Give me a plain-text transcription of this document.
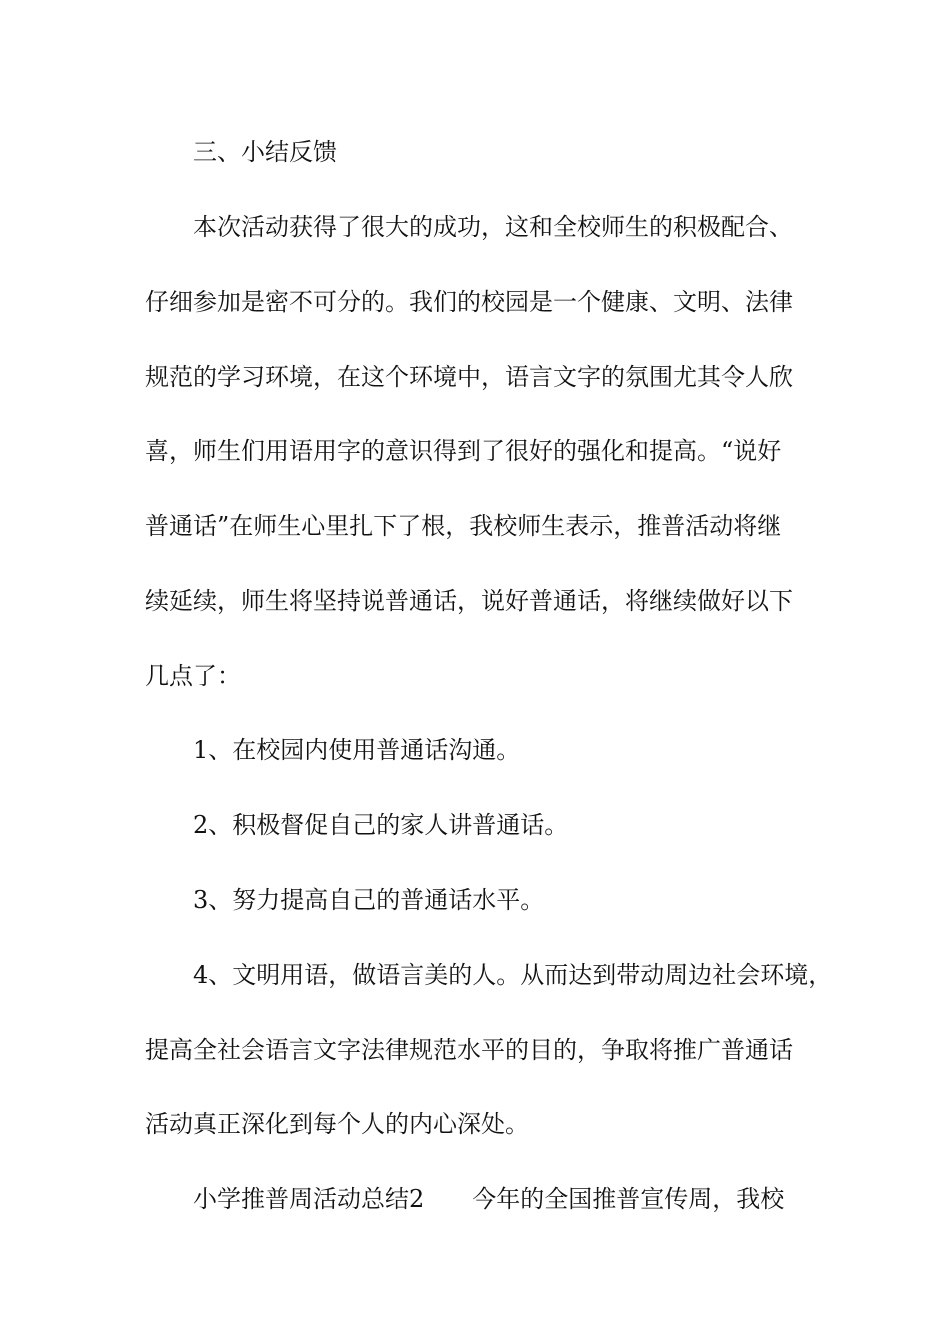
三、小结反馈

本次活动获得了很大的成功，这和全校师生的积极配合、

仔细参加是密不可分的。我们的校园是一个健康、文明、法律

规范的学习环境，在这个环境中，语言文字的氛围尤其令人欣

喜，师生们用语用字的意识得到了很好的强化和提高。“说好

普通话”在师生心里扎下了根，我校师生表示，推普活动将继

续延续，师生将坚持说普通话，说好普通话，将继续做好以下

几点了：

1、在校园内使用普通话沟通。

2、积极督促自己的家人讲普通话。

3、努力提高自己的普通话水平。

4、文明用语，做语言美的人。从而达到带动周边社会环境，

提高全社会语言文字法律规范水平的目的，争取将推广普通话

活动真正深化到每个人的内心深处。

小学推普周活动总结2 今年的全国推普宣传周，我校
